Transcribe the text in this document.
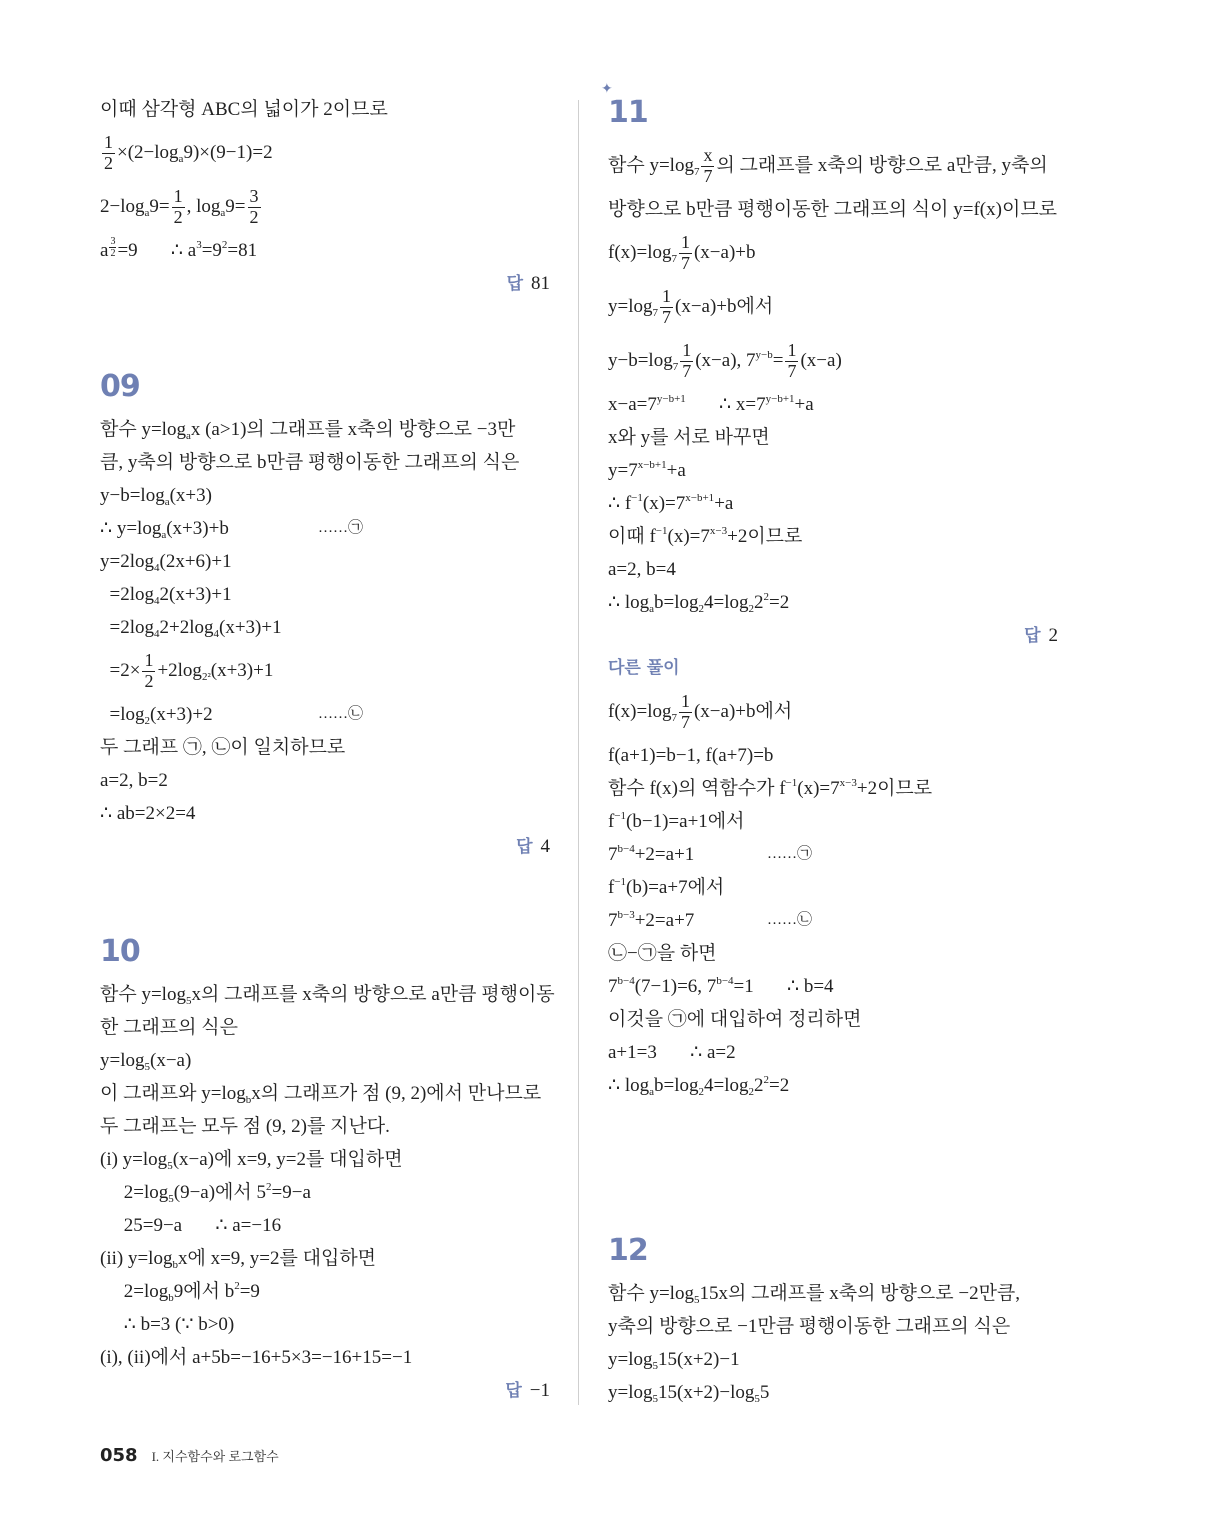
이때 삼각형 ABC의 넓이가 2이므로
$\frac{1}{2} \times(2-\log_a9)\times(9-1)=2$
$2-\log_a9= \frac{1}{2}$ , $\log_a9= \frac{3}{2}$
a $^{\frac{3}{2}}$ =9       ∴ $a^3=9^2=81$
답 81
09
함수 $y=\log_ax$ (a>1)의 그래프를 x축의 방향으로 −3만
큼, y축의 방향으로 b만큼 평행이동한 그래프의 식은
$y-b=\log_a(x+3)$
∴ $y=\log_a(x+3)+b$	……㉠
$y=2\log_4(2x+6)+1$
$=2\log_42(x+3)+1$
$=2\log_42+2\log_4(x+3)+1$
$=2\times \frac{1}{2} +2\log_{2^2}(x+3)+1$
$=\log_2(x+3)+2$	……㉡
두 그래프 ㉠, ㉡이 일치하므로
a=2, b=2
∴ ab=2×2=4
답 4
10
함수 $y=\log_5x$의 그래프를 x축의 방향으로 a만큼 평행이동
한 그래프의 식은
$y=\log_5(x-a)$
이 그래프와 $y=\log_bx$의 그래프가 점 (9, 2)에서 만나므로
두 그래프는 모두 점 (9, 2)를 지난다.
(i) $y=\log_5(x-a)$에 x=9, y=2를 대입하면
$2=\log_5(9-a)$에서 $5^2=9-a$
25=9−a       ∴ a=−16
(ii) $y=\log_bx$에 x=9, y=2를 대입하면
$2=\log_b9$에서 $b^2=9$
∴ b=3 (∵ b>0)
(i), (ii)에서 a+5b=−16+5×3=−16+15=−1
답 −1
✦
11
함수 $y=\log_7 \frac{x}{7}$ 의 그래프를 x축의 방향으로 a만큼, y축의
방향으로 b만큼 평행이동한 그래프의 식이 y=f(x)이므로
$f(x)=\log_7 \frac{1}{7} (x-a)+b$
$y=\log_7 \frac{1}{7} (x-a)+b$에서
$y-b=\log_7 \frac{1}{7} (x-a)$, $7^{y-b}= \frac{1}{7} (x-a)$
$x-a=7^{y-b+1}$       ∴ $x=7^{y-b+1}+a$
x와 y를 서로 바꾸면
$y=7^{x-b+1}+a$
∴ $f^{-1}(x)=7^{x-b+1}+a$
이때 $f^{-1}(x)=7^{x-3}+2$이므로
a=2, b=4
∴ $\log_ab=\log_24=\log_22^2=2$
답 2
다른 풀이
$f(x)=\log_7 \frac{1}{7} (x-a)+b$에서
f(a+1)=b−1, f(a+7)=b
함수 f(x)의 역함수가 $f^{-1}(x)=7^{x-3}+2$이므로
$f^{-1}(b-1)=a+1$에서
$7^{b-4}+2=a+1$	……㉠
$f^{-1}(b)=a+7$에서
$7^{b-3}+2=a+7$	……㉡
㉡−㉠을 하면
$7^{b-4}(7-1)=6$, $7^{b-4}=1$       ∴ b=4
이것을 ㉠에 대입하여 정리하면
a+1=3       ∴ a=2
∴ $\log_ab=\log_24=\log_22^2=2$
12
함수 $y=\log_515x$의 그래프를 x축의 방향으로 −2만큼,
y축의 방향으로 −1만큼 평행이동한 그래프의 식은
$y=\log_515(x+2)-1$
$y=\log_515(x+2)-\log_55$
058 I. 지수함수와 로그함수
